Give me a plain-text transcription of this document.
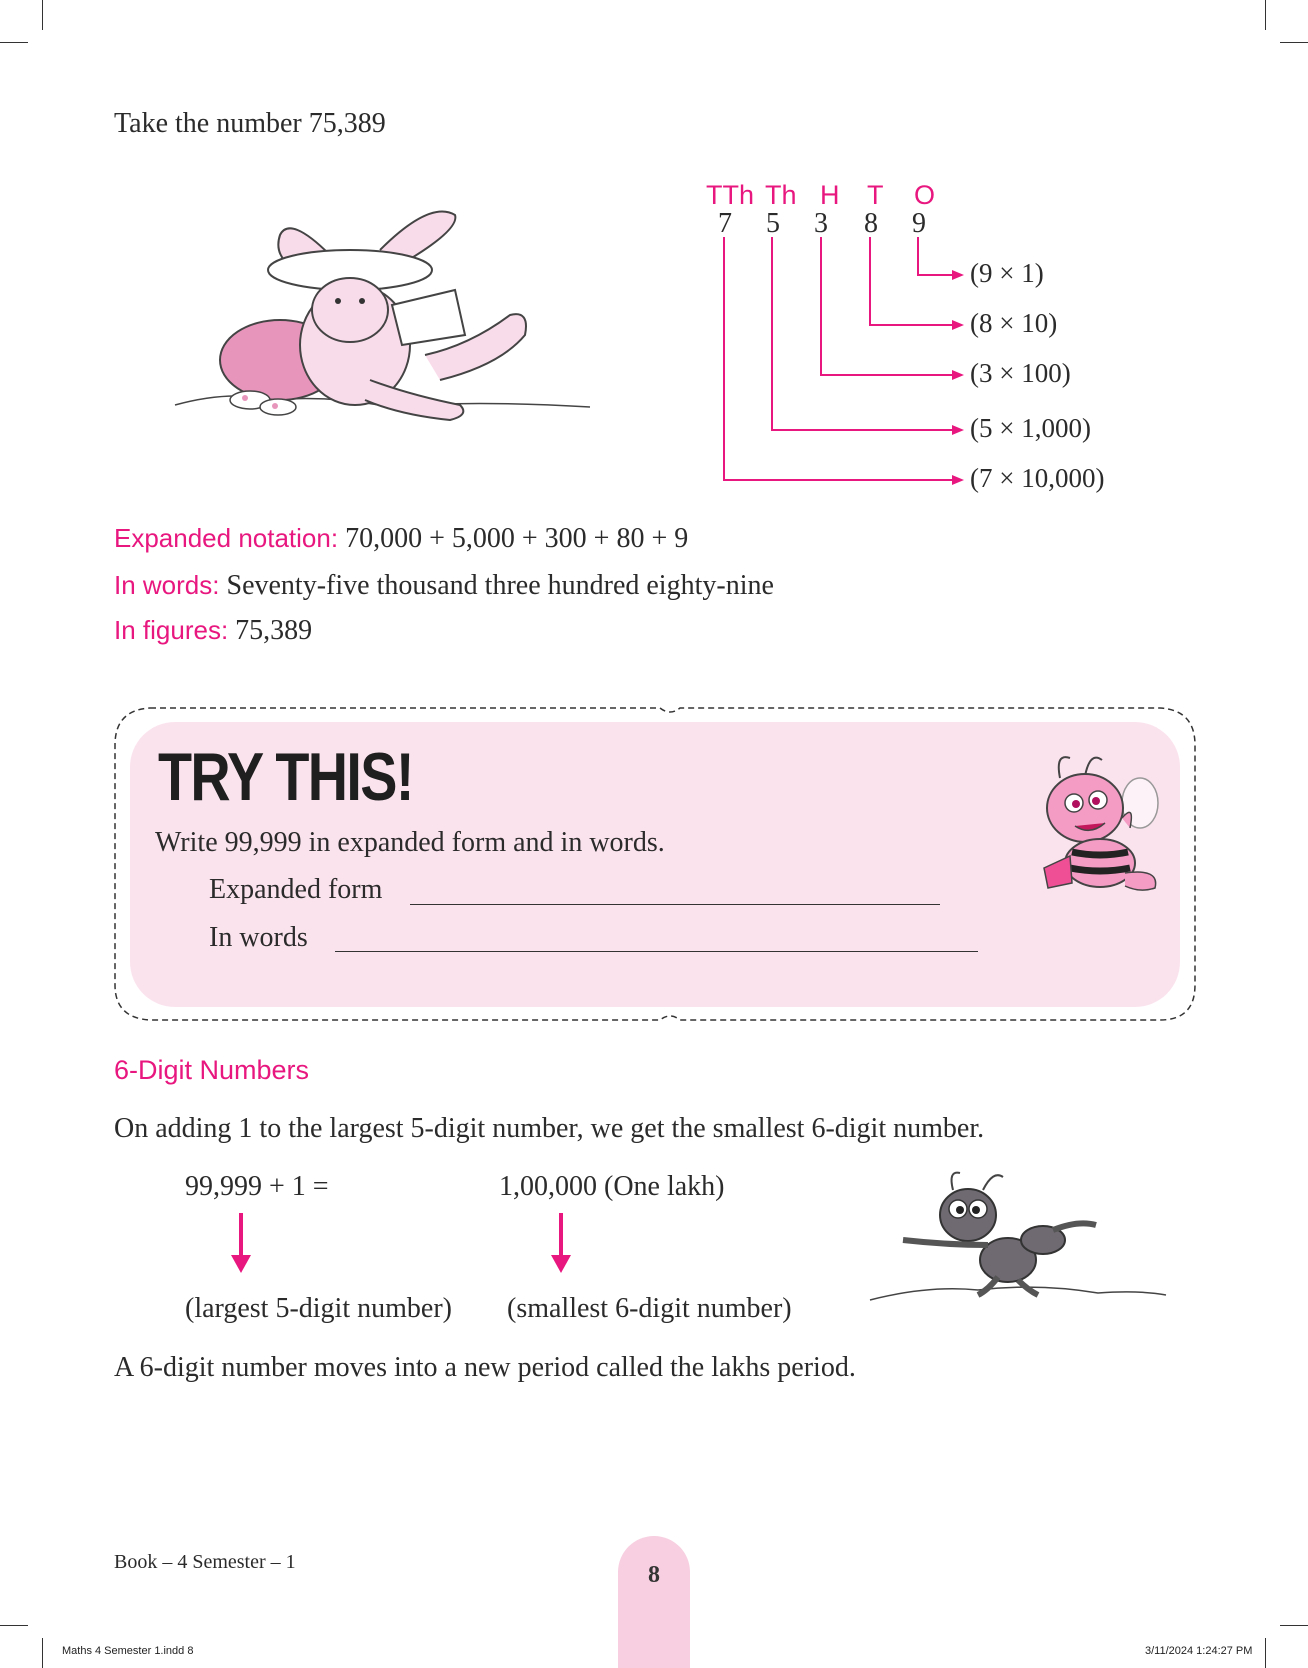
Take the number 75,389
TTh Th H T O
7 5 3 8 9
(9 × 1)
(8 × 10)
(3 × 100)
(5 × 1,000)
(7 × 10,000)
Expanded notation: 70,000 + 5,000 + 300 + 80 + 9
In words: Seventy-five thousand three hundred eighty-nine
In figures: 75,389
TRY THIS!
Write 99,999 in expanded form and in words.
Expanded form
In words
6-Digit Numbers
On adding 1 to the largest 5-digit number, we get the smallest 6-digit number.
99,999 + 1 =	1,00,000 (One lakh)
(largest 5-digit number) (smallest 6-digit number)
A 6-digit number moves into a new period called the lakhs period.
Book – 4 Semester – 1	8
Maths 4 Semester 1.indd 8	3/11/2024 1:24:27 PM
